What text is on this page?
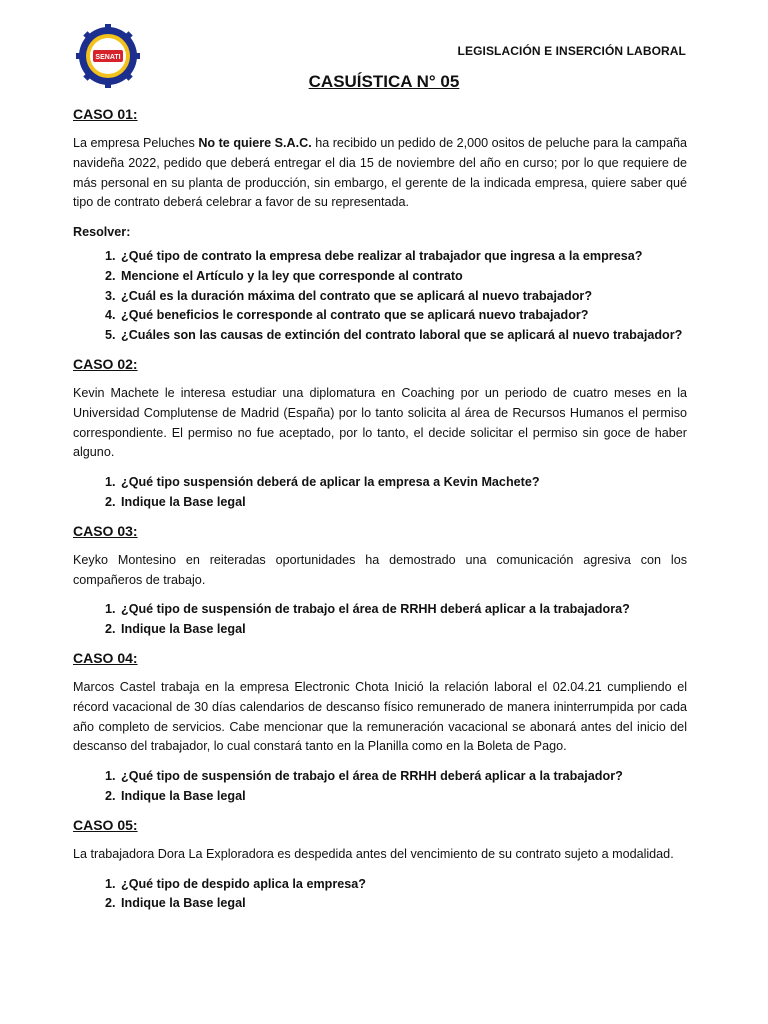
SENATI	LEGISLACIÓN E INSERCIÓN LABORAL
CASUÍSTICA N° 05
CASO 01:

La empresa Peluches No te quiere S.A.C. ha recibido un pedido de 2,000 ositos de peluche para la campaña navideña 2022, pedido que deberá entregar el dia 15 de noviembre del año en curso; por lo que requiere de más personal en su planta de producción, sin embargo, el gerente de la indicada empresa, quiere saber qué tipo de contrato deberá celebrar a favor de su representada.

Resolver:
1. ¿Qué tipo de contrato la empresa debe realizar al trabajador que ingresa a la empresa?
2. Mencione el Artículo y la ley que corresponde al contrato
3. ¿Cuál es la duración máxima del contrato que se aplicará al nuevo trabajador?
4. ¿Qué beneficios le corresponde al contrato que se aplicará nuevo trabajador?
5. ¿Cuáles son las causas de extinción del contrato laboral que se aplicará al nuevo trabajador?
CASO 02:

Kevin Machete le interesa estudiar una diplomatura en Coaching por un periodo de cuatro meses en la Universidad Complutense de Madrid (España) por lo tanto solicita al área de Recursos Humanos el permiso correspondiente. El permiso no fue aceptado, por lo tanto, el decide solicitar el permiso sin goce de haber alguno.

1. ¿Qué tipo suspensión deberá de aplicar la empresa a Kevin Machete?
2. Indique la Base legal
CASO 03:

Keyko Montesino en reiteradas oportunidades ha demostrado una comunicación agresiva con los compañeros de trabajo.

1. ¿Qué tipo de suspensión de trabajo el área de RRHH deberá aplicar a la trabajadora?
2. Indique la Base legal
CASO 04:

Marcos Castel trabaja en la empresa Electronic Chota Inició la relación laboral el 02.04.21 cumpliendo el récord vacacional de 30 días calendarios de descanso físico remunerado de manera ininterrumpida por cada año completo de servicios. Cabe mencionar que la remuneración vacacional se abonará antes del inicio del descanso del trabajador, lo cual constará tanto en la Planilla como en la Boleta de Pago.

1. ¿Qué tipo de suspensión de trabajo el área de RRHH deberá aplicar a la trabajador?
2. Indique la Base legal
CASO 05:

La trabajadora Dora La Exploradora es despedida antes del vencimiento de su contrato sujeto a modalidad.

1. ¿Qué tipo de despido aplica la empresa?
2. Indique la Base legal
